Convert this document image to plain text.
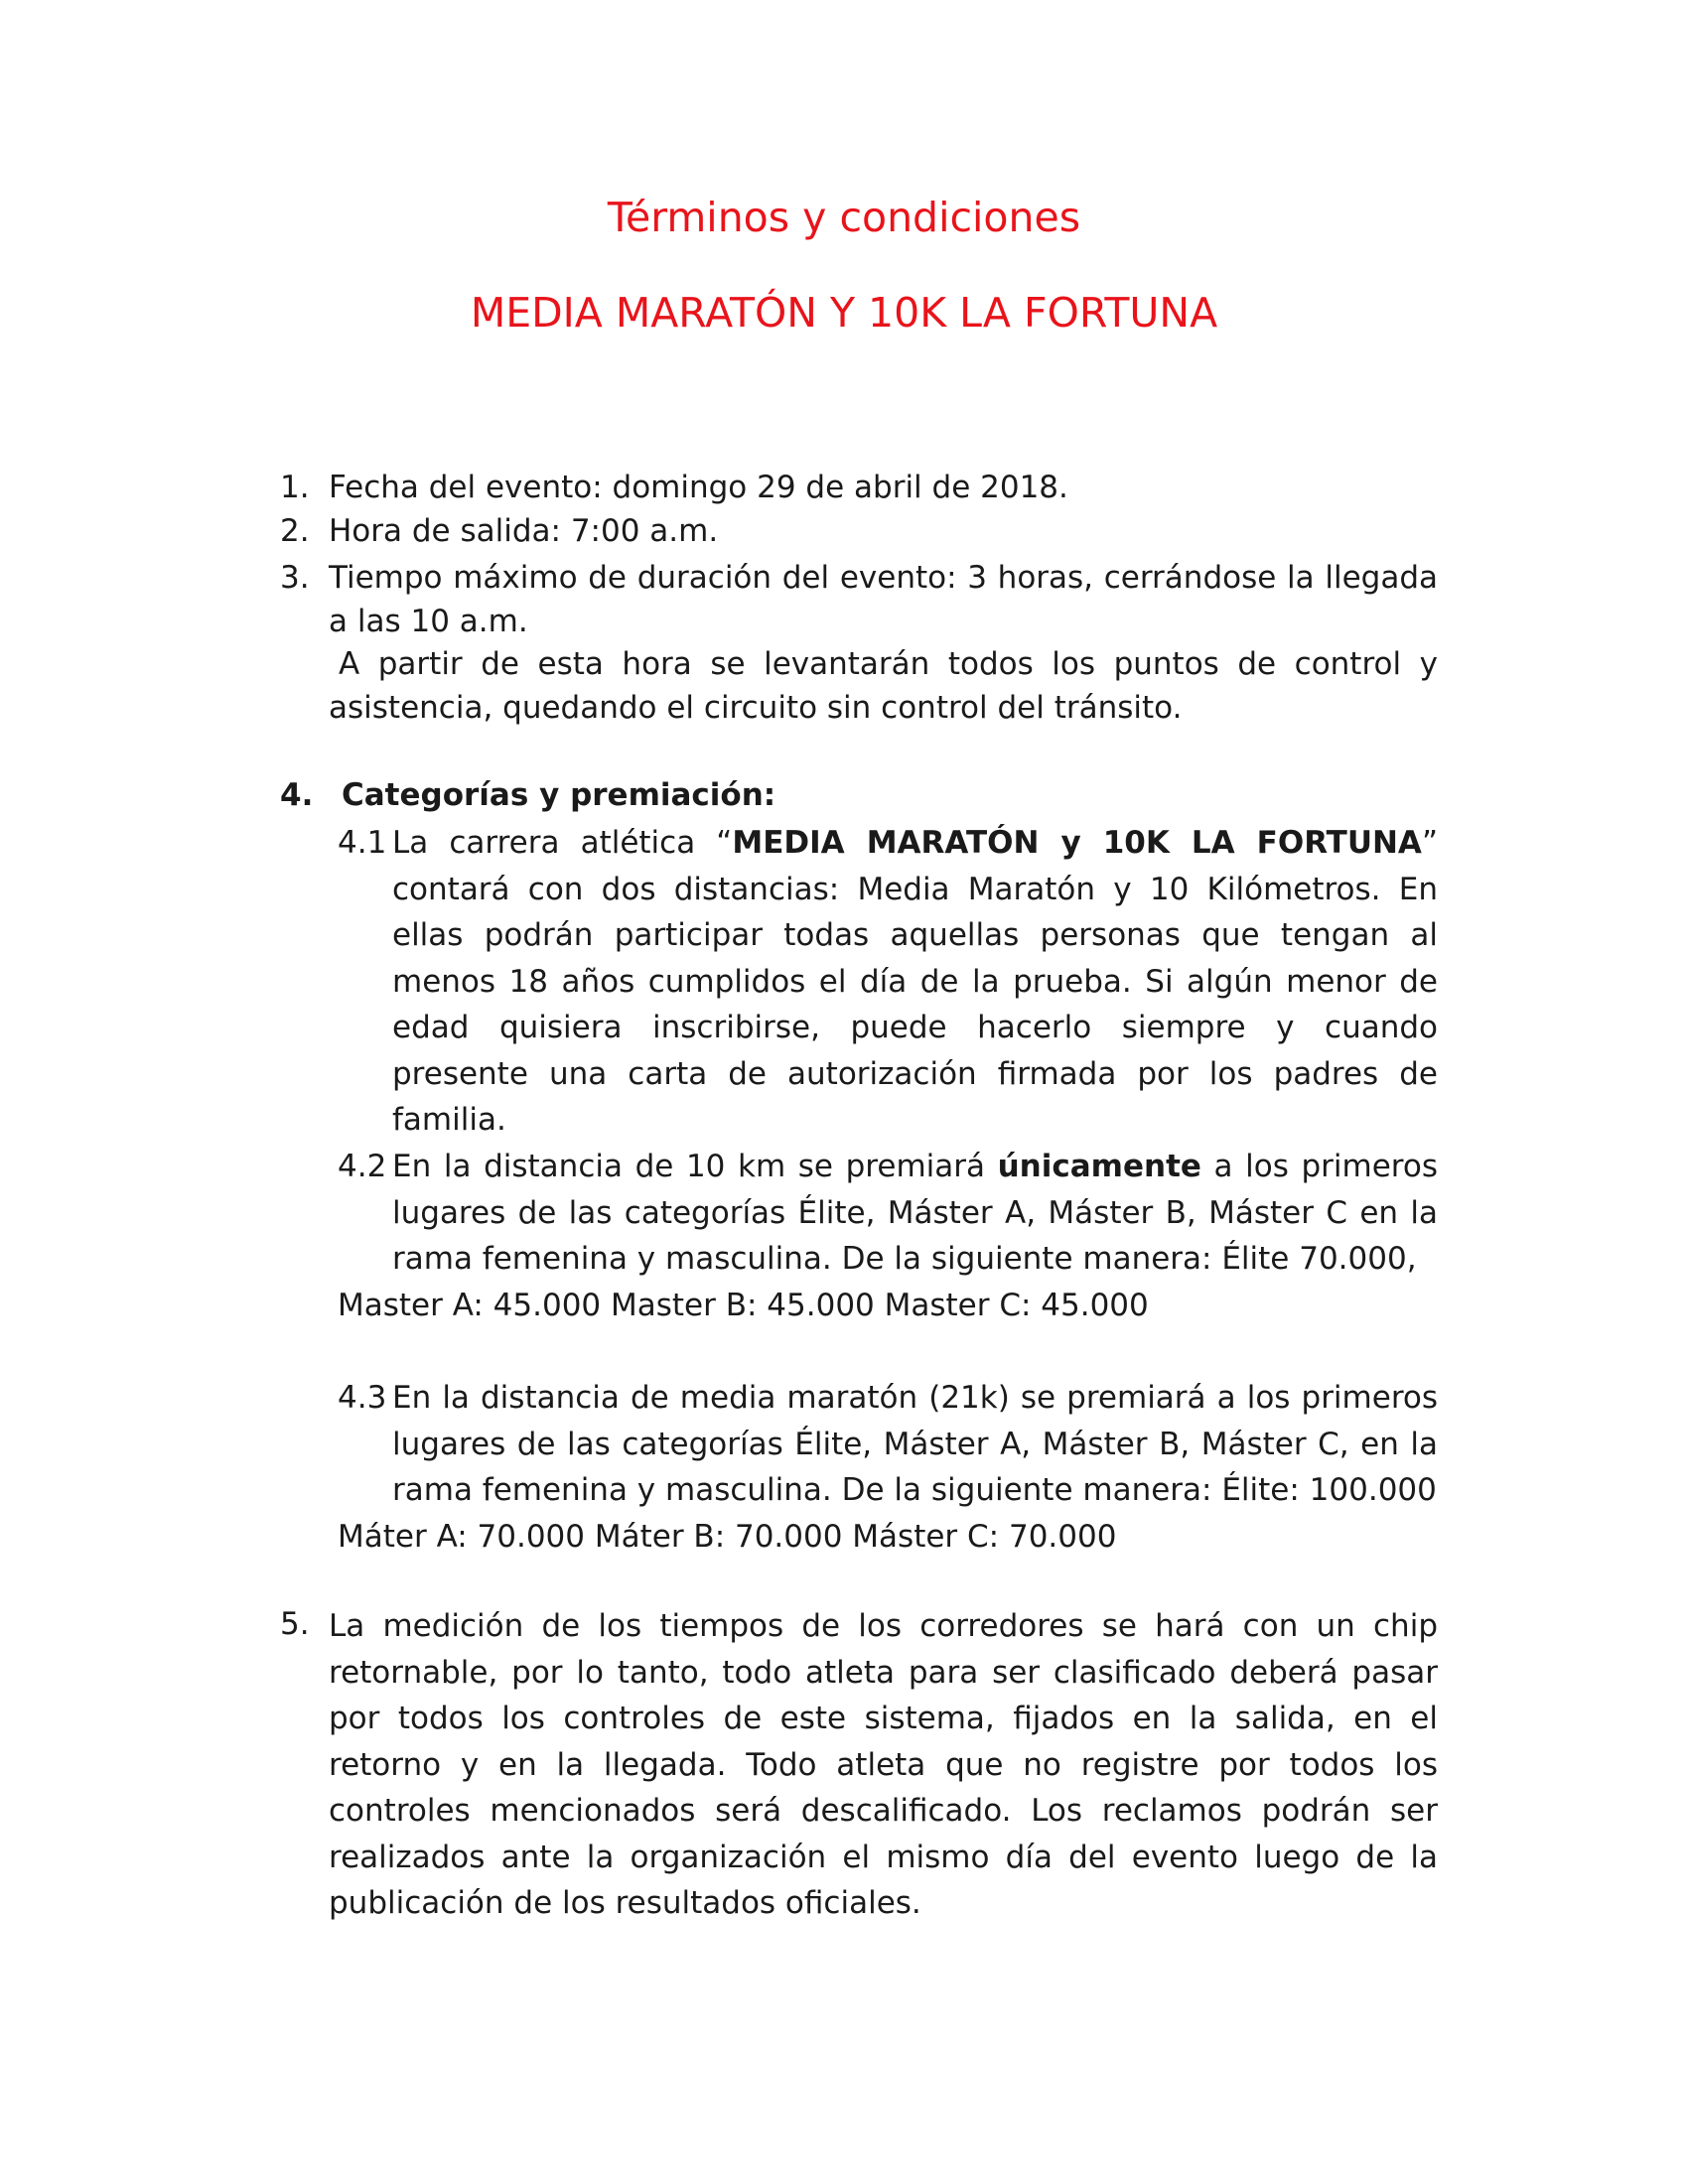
Términos y condiciones
MEDIA MARATÓN Y 10K LA FORTUNA
1. Fecha del evento: domingo 29 de abril de 2018.

2. Hora de salida: 7:00 a.m.

3. Tiempo máximo de duración del evento: 3 horas, cerrándose la llegada a las 10 a.m.

A partir de esta hora se levantarán todos los puntos de control y asistencia, quedando el circuito sin control del tránsito.

4. Categorías y premiación:

4.1 La carrera atlética “MEDIA MARATÓN y 10K LA FORTUNA” contará con dos distancias: Media Maratón y 10 Kilómetros. En ellas podrán participar todas aquellas personas que tengan al menos 18 años cumplidos el día de la prueba. Si algún menor de edad quisiera inscribirse, puede hacerlo siempre y cuando presente una carta de autorización firmada por los padres de familia.

4.2 En la distancia de 10 km se premiará únicamente a los primeros lugares de las categorías Élite, Máster A, Máster B, Máster C en la rama femenina y masculina. De la siguiente manera: Élite 70.000,
Master A: 45.000 Master B: 45.000 Master C: 45.000

4.3 En la distancia de media maratón (21k) se premiará a los primeros lugares de las categorías Élite, Máster A, Máster B, Máster C, en la rama femenina y masculina. De la siguiente manera: Élite: 100.000
Máter A: 70.000 Máter B: 70.000 Máster C: 70.000

5. La medición de los tiempos de los corredores se hará con un chip retornable, por lo tanto, todo atleta para ser clasificado deberá pasar por todos los controles de este sistema, fijados en la salida, en el retorno y en la llegada. Todo atleta que no registre por todos los controles mencionados será descalificado. Los reclamos podrán ser realizados ante la organización el mismo día del evento luego de la publicación de los resultados oficiales.
